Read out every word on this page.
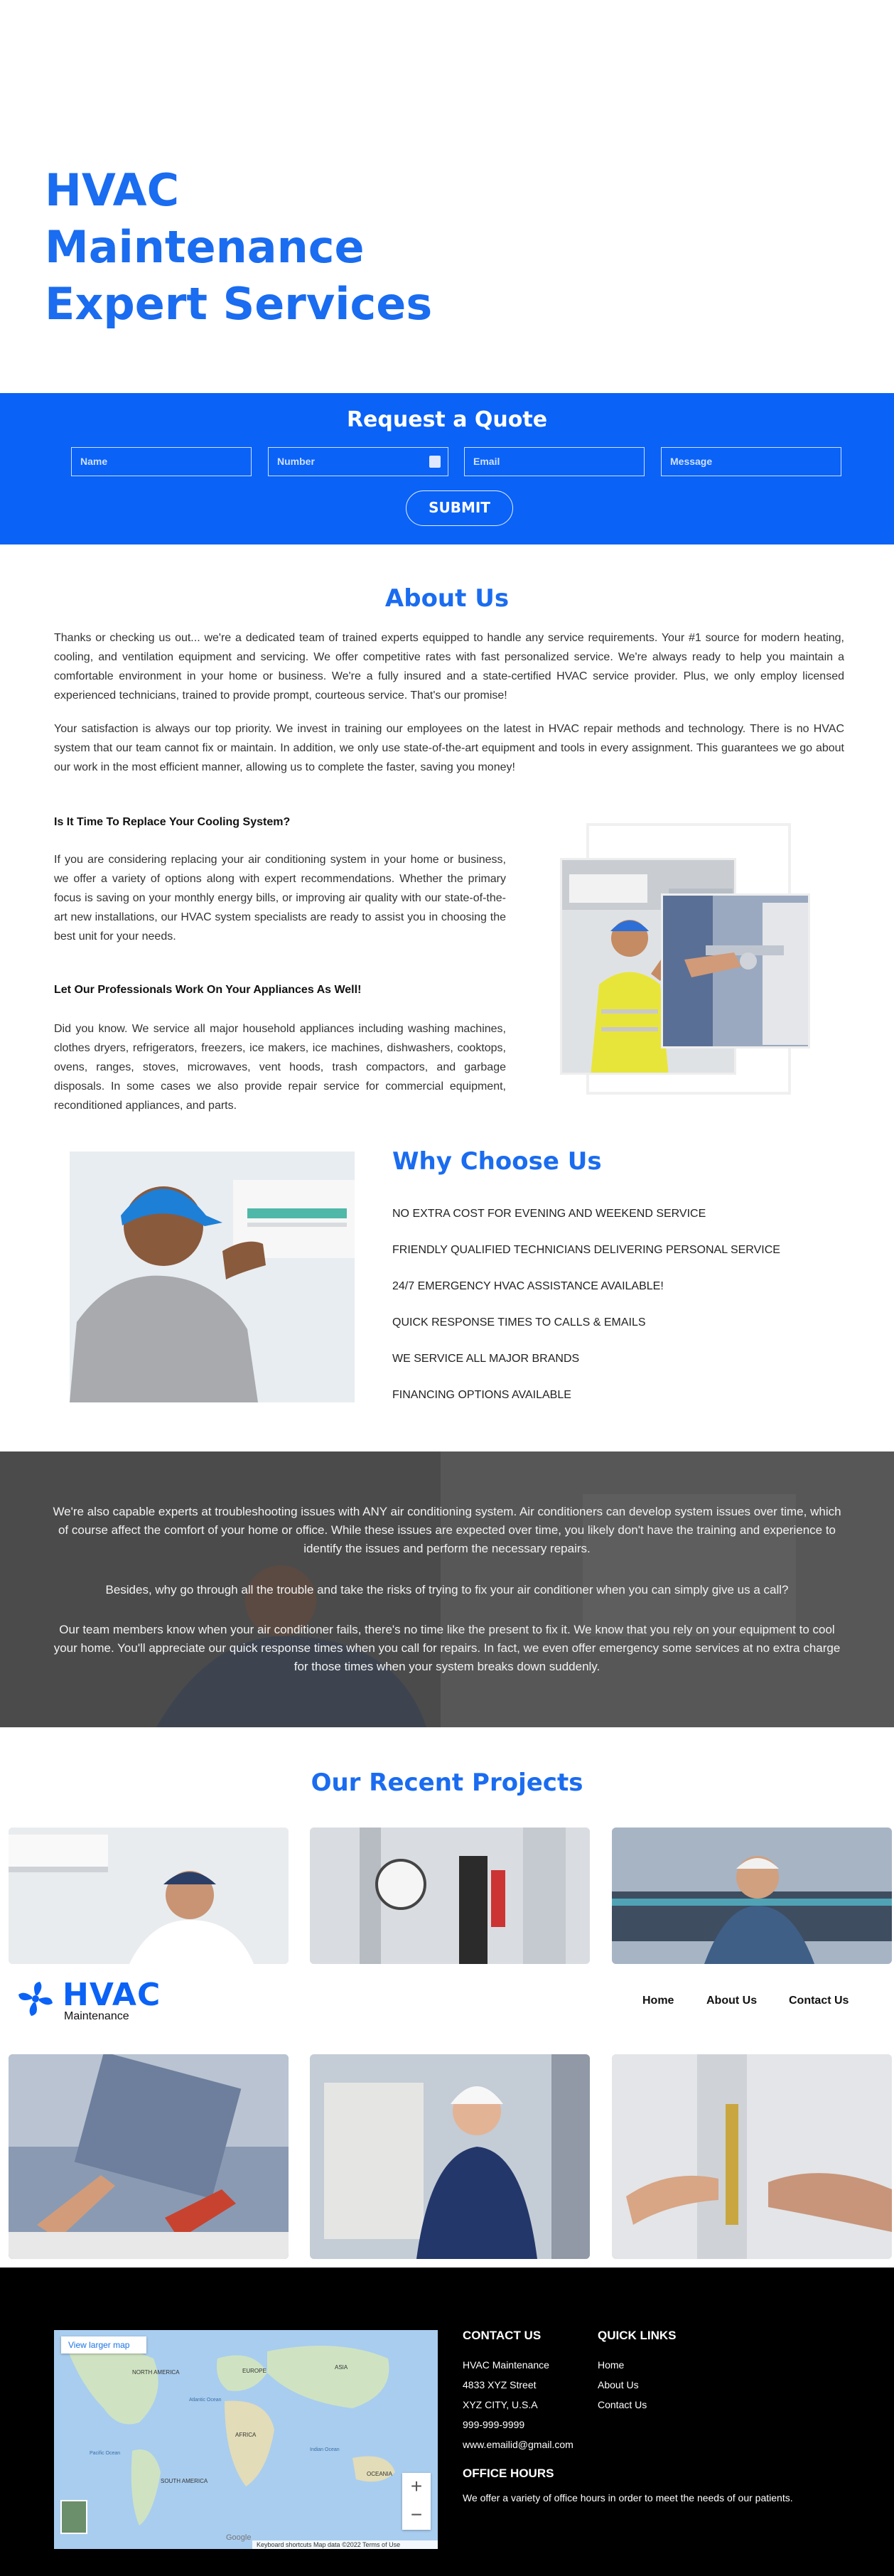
HVAC
Maintenance
Expert Services
Request a Quote
Name	Number	Email	Message
SUBMIT
About Us

Thanks or checking us out... we're a dedicated team of trained experts equipped to handle any service requirements. Your #1 source for modern heating, cooling, and ventilation equipment and servicing. We offer competitive rates with fast personalized service. We're always ready to help you maintain a comfortable environment in your home or business. We're a fully insured and a state-certified HVAC service provider. Plus, we only employ licensed experienced technicians, trained to provide prompt, courteous service. That's our promise!

Your satisfaction is always our top priority. We invest in training our employees on the latest in HVAC repair methods and technology. There is no HVAC system that our team cannot fix or maintain. In addition, we only use state-of-the-art equipment and tools in every assignment. This guarantees we go about our work in the most efficient manner, allowing us to complete the faster, saving you money!

Is It Time To Replace Your Cooling System?

If you are considering replacing your air conditioning system in your home or business, we offer a variety of options along with expert recommendations. Whether the primary focus is saving on your monthly energy bills, or improving air quality with our state-of-the-art new installations, our HVAC system specialists are ready to assist you in choosing the best unit for your needs.

Let Our Professionals Work On Your Appliances As Well!

Did you know. We service all major household appliances including washing machines, clothes dryers, refrigerators, freezers, ice makers, ice machines, dishwashers, cooktops, ovens, ranges, stoves, microwaves, vent hoods, trash compactors, and garbage disposals. In some cases we also provide repair service for commercial equipment, reconditioned appliances, and parts.

Why Choose Us
NO EXTRA COST FOR EVENING AND WEEKEND SERVICE
FRIENDLY QUALIFIED TECHNICIANS DELIVERING PERSONAL SERVICE
24/7 EMERGENCY HVAC ASSISTANCE AVAILABLE!
QUICK RESPONSE TIMES TO CALLS & EMAILS
WE SERVICE ALL MAJOR BRANDS
FINANCING OPTIONS AVAILABLE

We're also capable experts at troubleshooting issues with ANY air conditioning system. Air conditioners can develop system issues over time, which of course affect the comfort of your home or office. While these issues are expected over time, you likely don't have the training and experience to identify the issues and perform the necessary repairs.

Besides, why go through all the trouble and take the risks of trying to fix your air conditioner when you can simply give us a call?

Our team members know when your air conditioner fails, there's no time like the present to fix it. We know that you rely on your equipment to cool your home. You'll appreciate our quick response times when you call for repairs. In fact, we even offer emergency some services at no extra charge for those times when your system breaks down suddenly.

Our Recent Projects
HVAC
Maintenance
Home	About Us	Contact Us
NORTH AMERICA	EUROPE
ASIA
AFRICA
SOUTH AMERICA
OCEANIA
Atlantic Ocean
Pacific Ocean
Indian Ocean
Google
View larger map
+
−
Keyboard shortcuts Map data ©2022 Terms of Use
CONTACT US
HVAC Maintenance
4833 XYZ Street
XYZ CITY, U.S.A
999-999-9999
www.emailid@gmail.com
QUICK LINKS
Home
About Us
Contact Us
OFFICE HOURS
We offer a variety of office hours in order to meet the needs of our patients.
